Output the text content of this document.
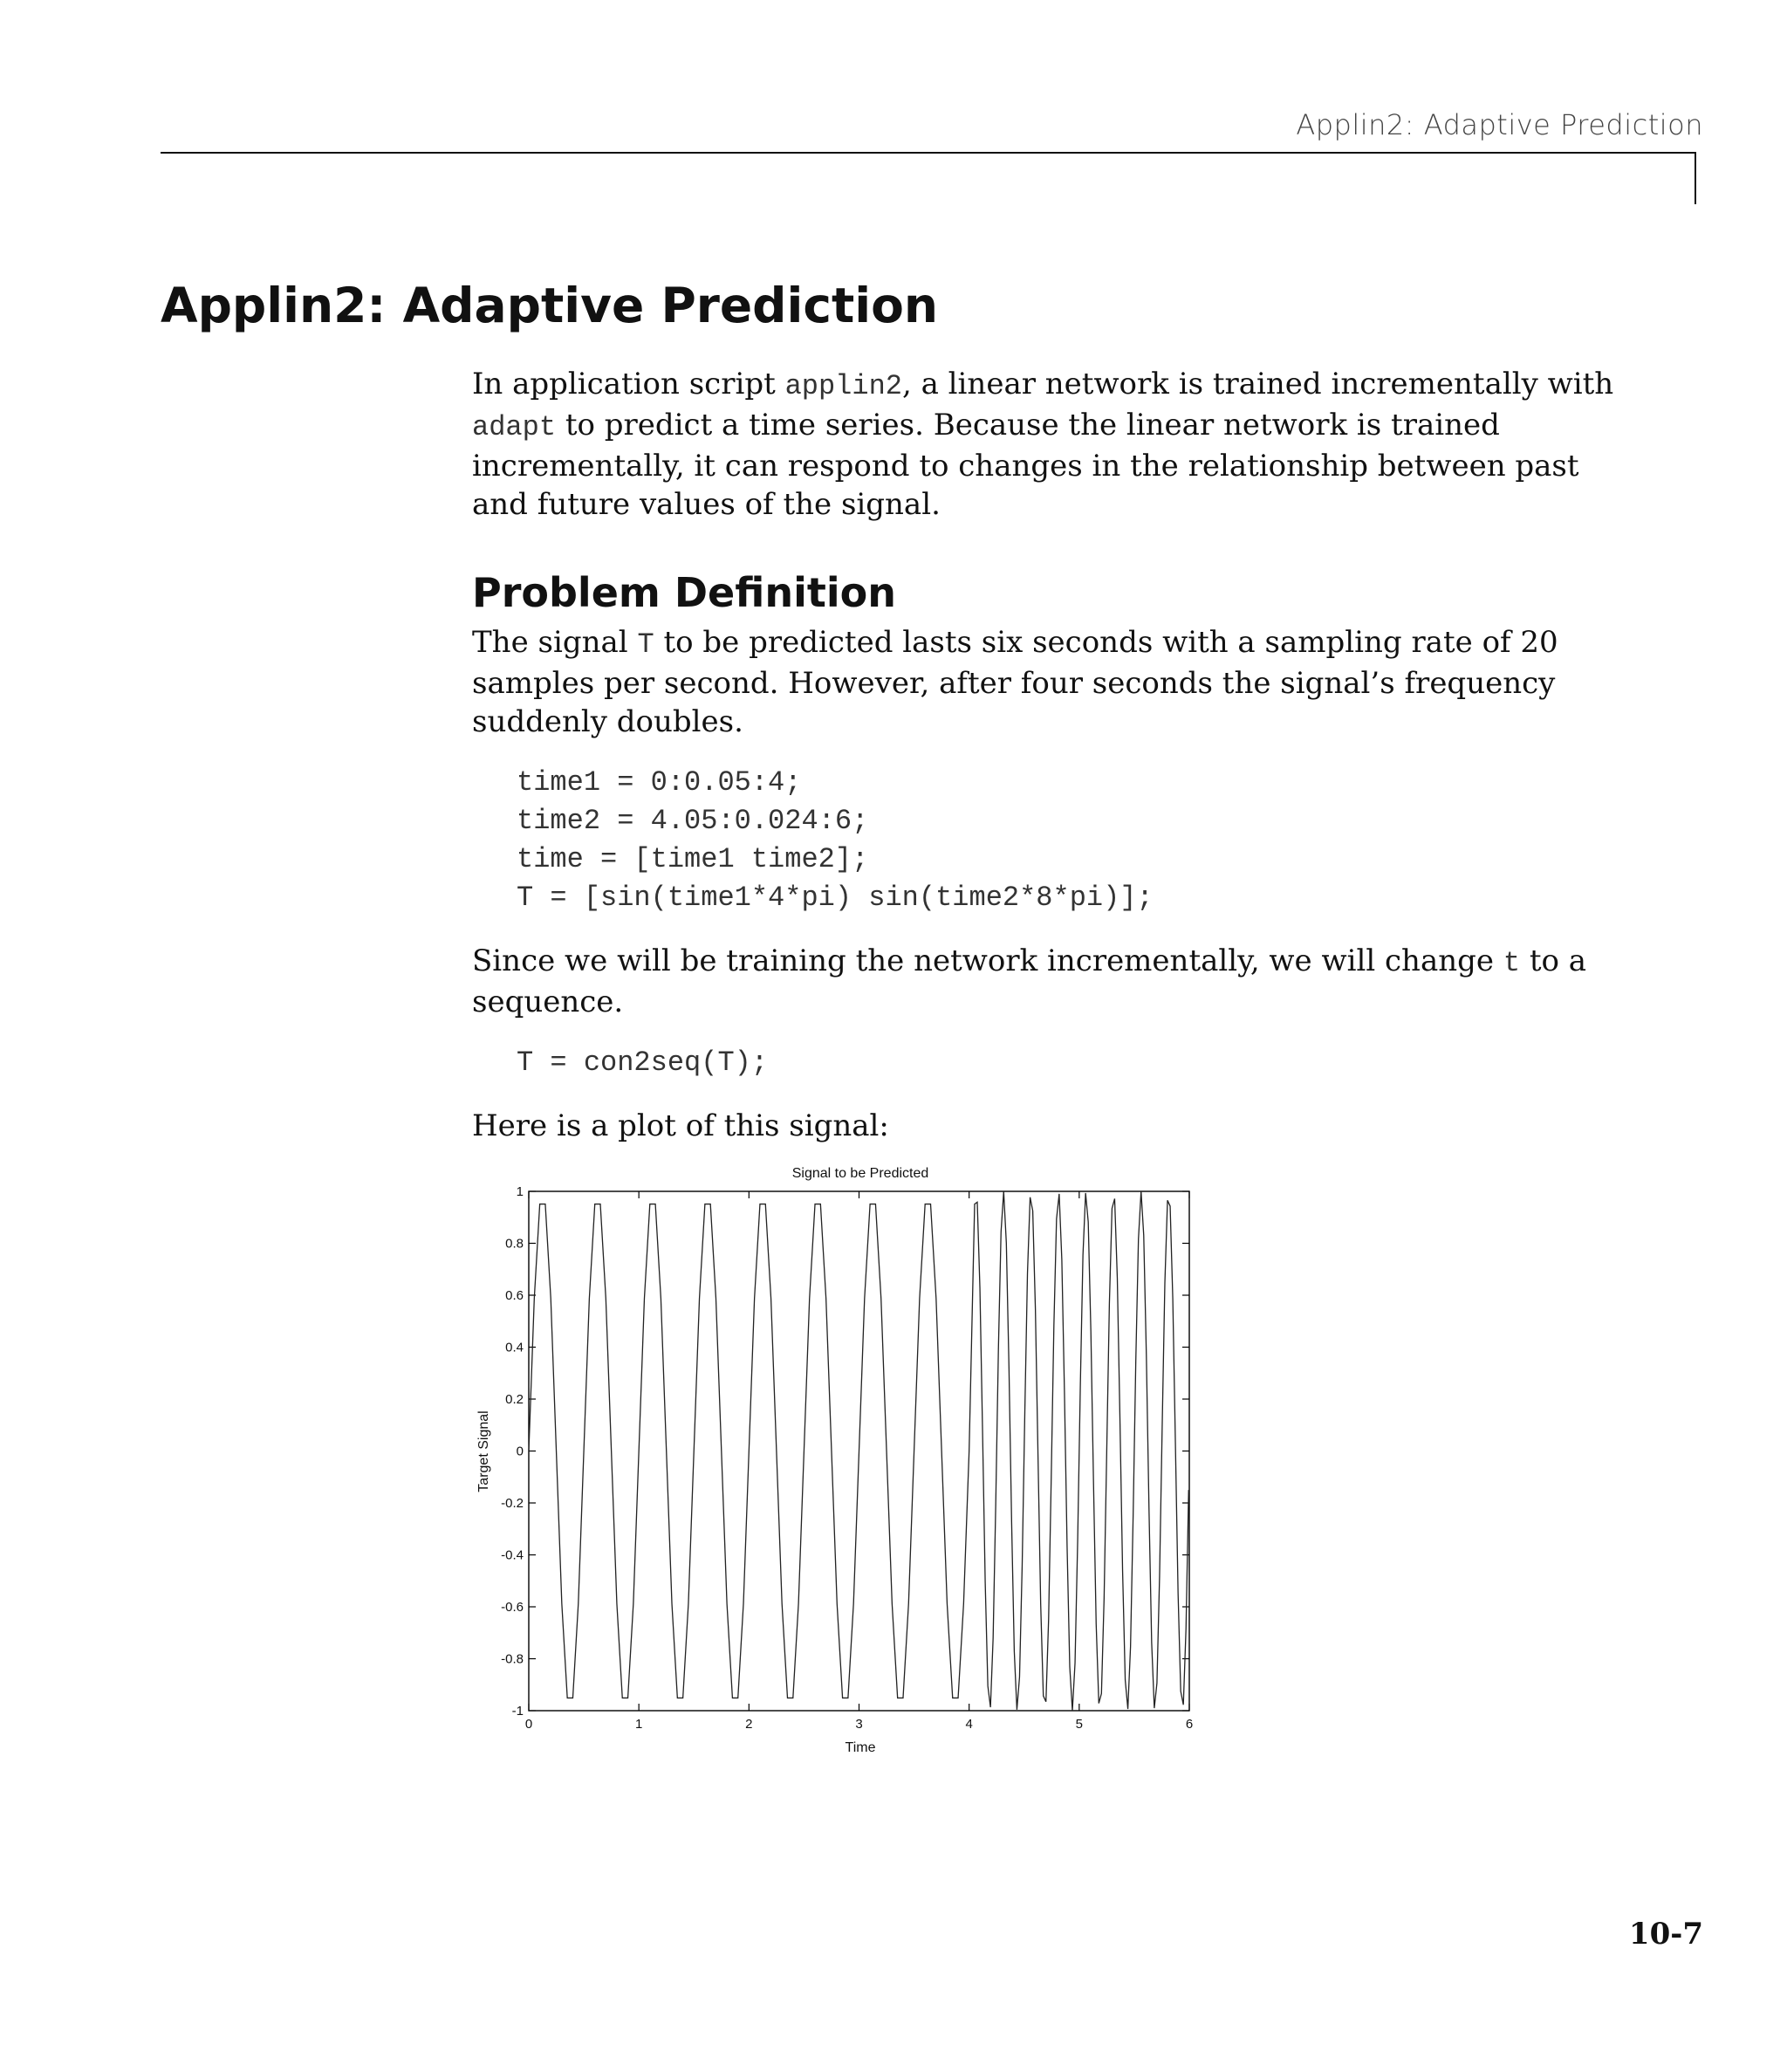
Applin2: Adaptive Prediction
Applin2: Adaptive Prediction

In application script applin2, a linear network is trained incrementally with adapt to predict a time series. Because the linear network is trained incrementally, it can respond to changes in the relationship between past and future values of the signal.

Problem Definition

The signal T to be predicted lasts six seconds with a sampling rate of 20 samples per second. However, after four seconds the signal’s frequency suddenly doubles.

time1 = 0:0.05:4;
time2 = 4.05:0.024:6;
time = [time1 time2];
T = [sin(time1*4*pi) sin(time2*8*pi)];

Since we will be training the network incrementally, we will change t to a sequence.

T = con2seq(T);

Here is a plot of this signal:

Signal to be Predicted
Time
Target Signal
0	1	2	3	4	5	6
1
0.8
0.6
0.4
0.2
0
-0.2
-0.4
-0.6
-0.8
-1
10-7
